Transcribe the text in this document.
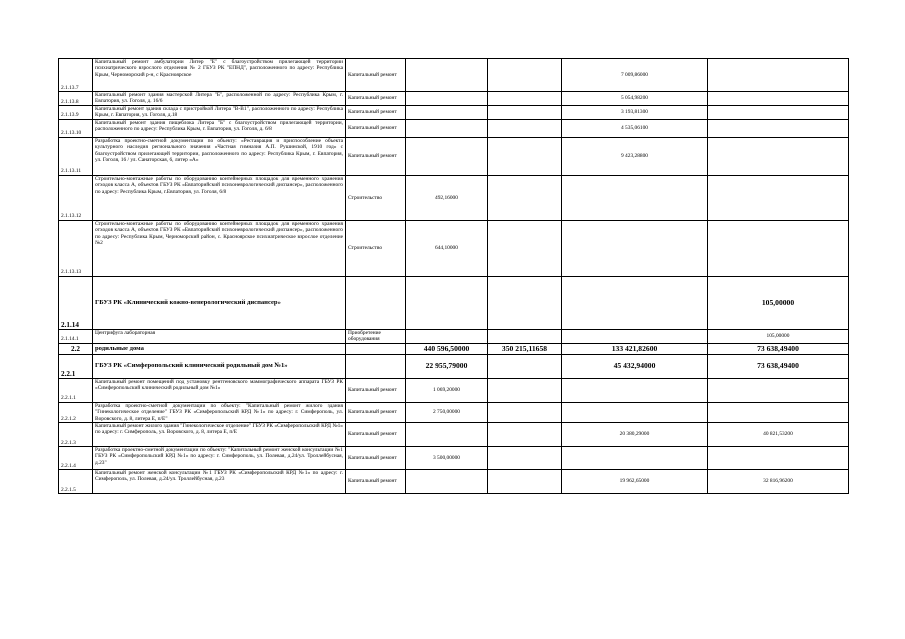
2.1.13.7	Капитальный ремонт амбулатории Литер "Е" с благоустройством прилегающей территории психиатрического взрослого отделения № 2 ГБУЗ РК "ЕПНД", расположенного по адресу: Республика Крым, Черноморский р-н, с Красноярское	Капитальный ремонт			7 009,86000	
2.1.13.8	Капитальный ремонт здания мастерской Литера "Б", расположенной по адресу: Республика Крым, г. Евпатория, ул. Гоголя, д. 16/6	Капитальный ремонт			5 054,98200	
2.1.13.9	Капитальный ремонт здания склада с пристройкой Литера "В-В1", расположенного по адресу: Республика Крым, г. Евпатория, ул. Гоголя, д.18	Капитальный ремонт			3 193,81300	
2.1.13.10	Капитальный ремонт здания пищеблока Литера "Б" с благоустройством прилегающей территории, расположенного по адресу: Республика Крым, г. Евпатория, ул. Гоголя, д. 6/8	Капитальный ремонт			4 535,06100	
2.1.13.11	Разработка проектно-сметной документации по объекту: «Реставрация и приспособление объекта культурного наследия регионального значения «Частная гимназия А.П. Рушинской, 1910 год» с благоустройством прилегающей территории, расположенного по адресу: Республика Крым, г. Евпатория, ул. Гоголя, 16 / ул. Санаторская, 6, литер «А»	Капитальный ремонт			9 423,28800	
2.1.13.12	Строительно-монтажные работы по оборудованию контейнерных площадок для временного хранения отходов класса А, объектов ГБУЗ РК «Евпаторийский психоневрологический диспансер», расположенного по адресу: Республика Крым, г.Евпатория, ул. Гоголя, 6/8	Строительство	492,16000			
2.1.13.13	Строительно-монтажные работы по оборудованию контейнерных площадок для временного хранения отходов класса А, объектов ГБУЗ РК «Евпаторийский психоневрологический диспансер», расположенного по адресу: Республика Крым, Черноморский район, с. Красноярское психиатрическое взрослое отделение №2	Строительство	644,10000			
2.1.14	ГБУЗ РК «Клинический кожно-венерологический диспансер»					105,00000
2.1.14.1	Центрифуга лабораторная	Приобретение оборудования				105,00000
2.2	родильные дома		440 596,50000	350 215,11658	133 421,82600	73 638,49400
2.2.1	ГБУЗ РК «Симферопольский клинический родильный дом №1»		22 955,79000		45 432,94000	73 638,49400
2.2.1.1	Капитальный ремонт помещений под установку рентгеновского маммографического аппарата ГБУЗ РК «Симферопольский клинический родильный дом №1»	Капитальный ремонт	1 069,20000			
2.2.1.2	Разработка проектно-сметной документации по объекту: "Капитальный ремонт жилого здания "Гинекологическое отделение" ГБУЗ РК «Симферопольский КРД №1» по адресу: г. Симферополь, ул. Воровского, д. 8, литера Е, п/Е"	Капитальный ремонт	2 750,00000			
2.2.1.3	Капитальный ремонт жилого здания "Гинекологическое отделение" ГБУЗ РК «Симферопольский КРД №1» по адресу: г. Симферополь, ул. Воровского, д. 8, литера Е, п/Е	Капитальный ремонт			20 380,29000	40 821,53200
2.2.1.4	Разработка проектно-сметной документации по объекту: "Капитальный ремонт женской консультации №1 ГБУЗ РК «Симферопольский КРД №1» по адресу: г. Симферополь, ул. Полевая, д.24/ул. Троллейбусная, д.23"	Капитальный ремонт	3 500,00000			
2.2.1.5	Капитальный ремонт женской консультации №1 ГБУЗ РК «Симферопольский КРД №1» по адресу: г. Симферополь, ул. Полевая, д.24/ул. Троллейбусная, д.23	Капитальный ремонт			19 962,65000	32 816,96200
